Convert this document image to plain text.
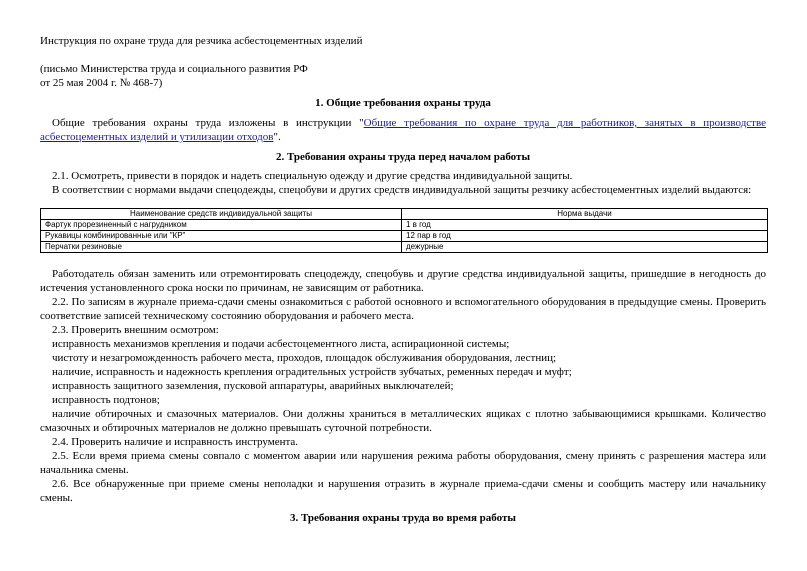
Инструкция по охране труда для резчика асбестоцементных изделий

(письмо Министерства труда и социального развития РФ

от 25 мая 2004 г. № 468-7)

1. Общие требования охраны труда

Общие требования охраны труда изложены в инструкции "Общие требования по охране труда для работников, занятых в производстве асбестоцементных изделий и утилизации отходов".

2. Требования охраны труда перед началом работы

2.1. Осмотреть, привести в порядок и надеть специальную одежду и другие средства индивидуальной защиты.

В соответствии с нормами выдачи спецодежды, спецобуви и других средств индивидуальной защиты резчику асбестоцементных изделий выдаются:

Наименование средств индивидуальной защиты	Норма выдачи
Фартук прорезиненный с нагрудником	1 в год
Рукавицы комбинированные или "КР"	12 пар в год
Перчатки резиновые	дежурные

Работодатель обязан заменить или отремонтировать спецодежду, спецобувь и другие средства индивидуальной защиты, пришедшие в негодность до истечения установленного срока носки по причинам, не зависящим от работника.

2.2. По записям в журнале приема-сдачи смены ознакомиться с работой основного и вспомогательного оборудования в предыдущие смены. Проверить соответствие записей техническому состоянию оборудования и рабочего места.

2.3. Проверить внешним осмотром:

исправность механизмов крепления и подачи асбестоцементного листа, аспирационной системы;

чистоту и незагроможденность рабочего места, проходов, площадок обслуживания оборудования, лестниц;

наличие, исправность и надежность крепления оградительных устройств зубчатых, ременных передач и муфт;

исправность защитного заземления, пусковой аппаратуры, аварийных выключателей;

исправность подтонов;

наличие обтирочных и смазочных материалов. Они должны храниться в металлических ящиках с плотно забывающимися крышками. Количество смазочных и обтирочных материалов не должно превышать суточной потребности.

2.4. Проверить наличие и исправность инструмента.

2.5. Если время приема смены совпало с моментом аварии или нарушения режима работы оборудования, смену принять с разрешения мастера или начальника смены.

2.6. Все обнаруженные при приеме смены неполадки и нарушения отразить в журнале приема-сдачи смены и сообщить мастеру или начальнику смены.

3. Требования охраны труда во время работы
